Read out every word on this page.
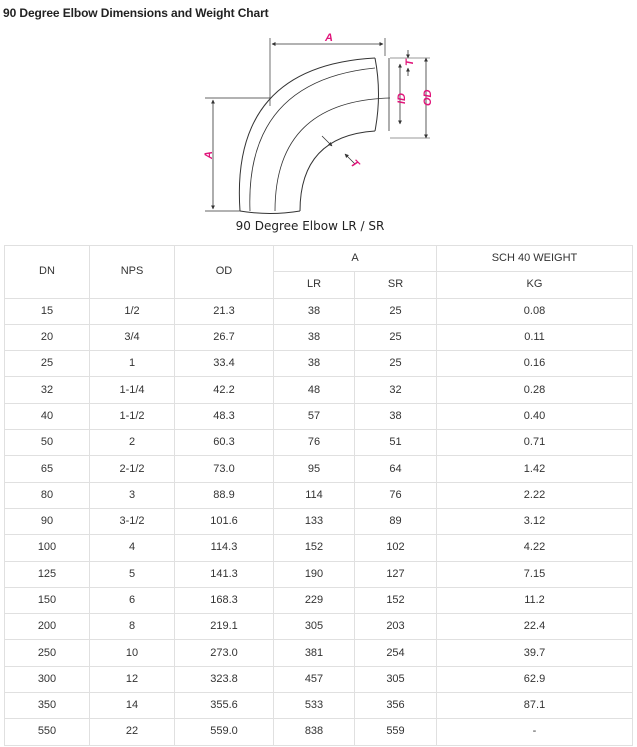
90 Degree Elbow Dimensions and Weight Chart
A
A
T
ID OD
T
90 Degree Elbow LR / SR
DN	NPS	OD	A		SCH 40 WEIGHT
			LR	SR	KG
15	1/2	21.3	38	25	0.08
20	3/4	26.7	38	25	0.11
25	1	33.4	38	25	0.16
32	1-1/4	42.2	48	32	0.28
40	1-1/2	48.3	57	38	0.40
50	2	60.3	76	51	0.71
65	2-1/2	73.0	95	64	1.42
80	3	88.9	114	76	2.22
90	3-1/2	101.6	133	89	3.12
100	4	114.3	152	102	4.22
125	5	141.3	190	127	7.15
150	6	168.3	229	152	11.2
200	8	219.1	305	203	22.4
250	10	273.0	381	254	39.7
300	12	323.8	457	305	62.9
350	14	355.6	533	356	87.1
550	22	559.0	838	559	-
